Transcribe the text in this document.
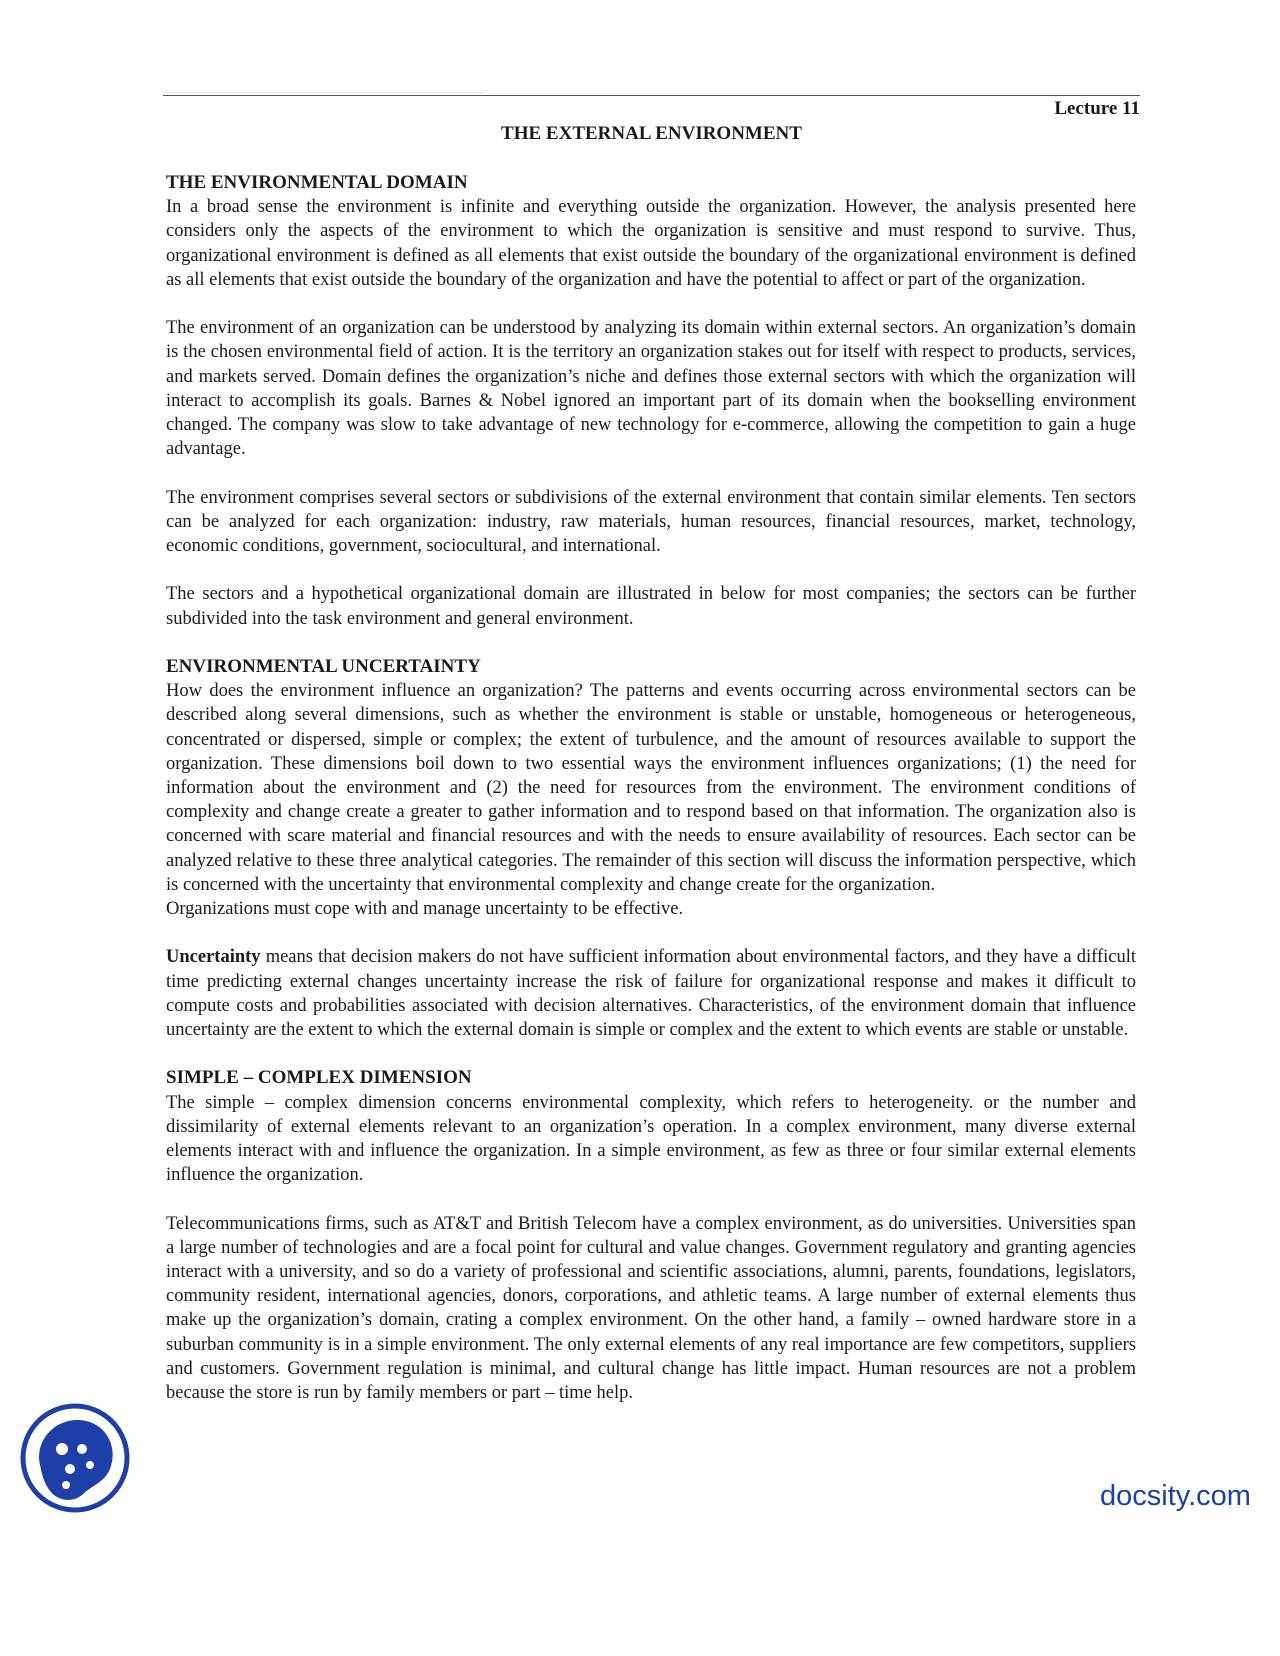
Lecture 11
THE EXTERNAL ENVIRONMENT
THE ENVIRONMENTAL DOMAIN

In a broad sense the environment is infinite and everything outside the organization. However, the analysis presented here considers only the aspects of the environment to which the organization is sensitive and must respond to survive. Thus, organizational environment is defined as all elements that exist outside the boundary of the organizational environment is defined as all elements that exist outside the boundary of the organization and have the potential to affect or part of the organization.

The environment of an organization can be understood by analyzing its domain within external sectors. An organization’s domain is the chosen environmental field of action. It is the territory an organization stakes out for itself with respect to products, services, and markets served. Domain defines the organization’s niche and defines those external sectors with which the organization will interact to accomplish its goals. Barnes & Nobel ignored an important part of its domain when the bookselling environment changed. The company was slow to take advantage of new technology for e-commerce, allowing the competition to gain a huge advantage.

The environment comprises several sectors or subdivisions of the external environment that contain similar elements. Ten sectors can be analyzed for each organization: industry, raw materials, human resources, financial resources, market, technology, economic conditions, government, sociocultural, and international.

The sectors and a hypothetical organizational domain are illustrated in below for most companies; the sectors can be further subdivided into the task environment and general environment.

ENVIRONMENTAL UNCERTAINTY

How does the environment influence an organization? The patterns and events occurring across environmental sectors can be described along several dimensions, such as whether the environment is stable or unstable, homogeneous or heterogeneous, concentrated or dispersed, simple or complex; the extent of turbulence, and the amount of resources available to support the organization. These dimensions boil down to two essential ways the environment influences organizations; (1) the need for information about the environment and (2) the need for resources from the environment. The environment conditions of complexity and change create a greater to gather information and to respond based on that information. The organization also is concerned with scare material and financial resources and with the needs to ensure availability of resources. Each sector can be analyzed relative to these three analytical categories. The remainder of this section will discuss the information perspective, which is concerned with the uncertainty that environmental complexity and change create for the organization.

Organizations must cope with and manage uncertainty to be effective.

Uncertainty means that decision makers do not have sufficient information about environmental factors, and they have a difficult time predicting external changes uncertainty increase the risk of failure for organizational response and makes it difficult to compute costs and probabilities associated with decision alternatives. Characteristics, of the environment domain that influence uncertainty are the extent to which the external domain is simple or complex and the extent to which events are stable or unstable.

SIMPLE – COMPLEX DIMENSION

The simple – complex dimension concerns environmental complexity, which refers to heterogeneity. or the number and dissimilarity of external elements relevant to an organization’s operation. In a complex environment, many diverse external elements interact with and influence the organization. In a simple environment, as few as three or four similar external elements influence the organization.

Telecommunications firms, such as AT&T and British Telecom have a complex environment, as do universities. Universities span a large number of technologies and are a focal point for cultural and value changes. Government regulatory and granting agencies interact with a university, and so do a variety of professional and scientific associations, alumni, parents, foundations, legislators, community resident, international agencies, donors, corporations, and athletic teams. A large number of external elements thus make up the organization’s domain, crating a complex environment. On the other hand, a family – owned hardware store in a suburban community is in a simple environment. The only external elements of any real importance are few competitors, suppliers and customers. Government regulation is minimal, and cultural change has little impact. Human resources are not a problem because the store is run by family members or part – time help.

docsity.com
